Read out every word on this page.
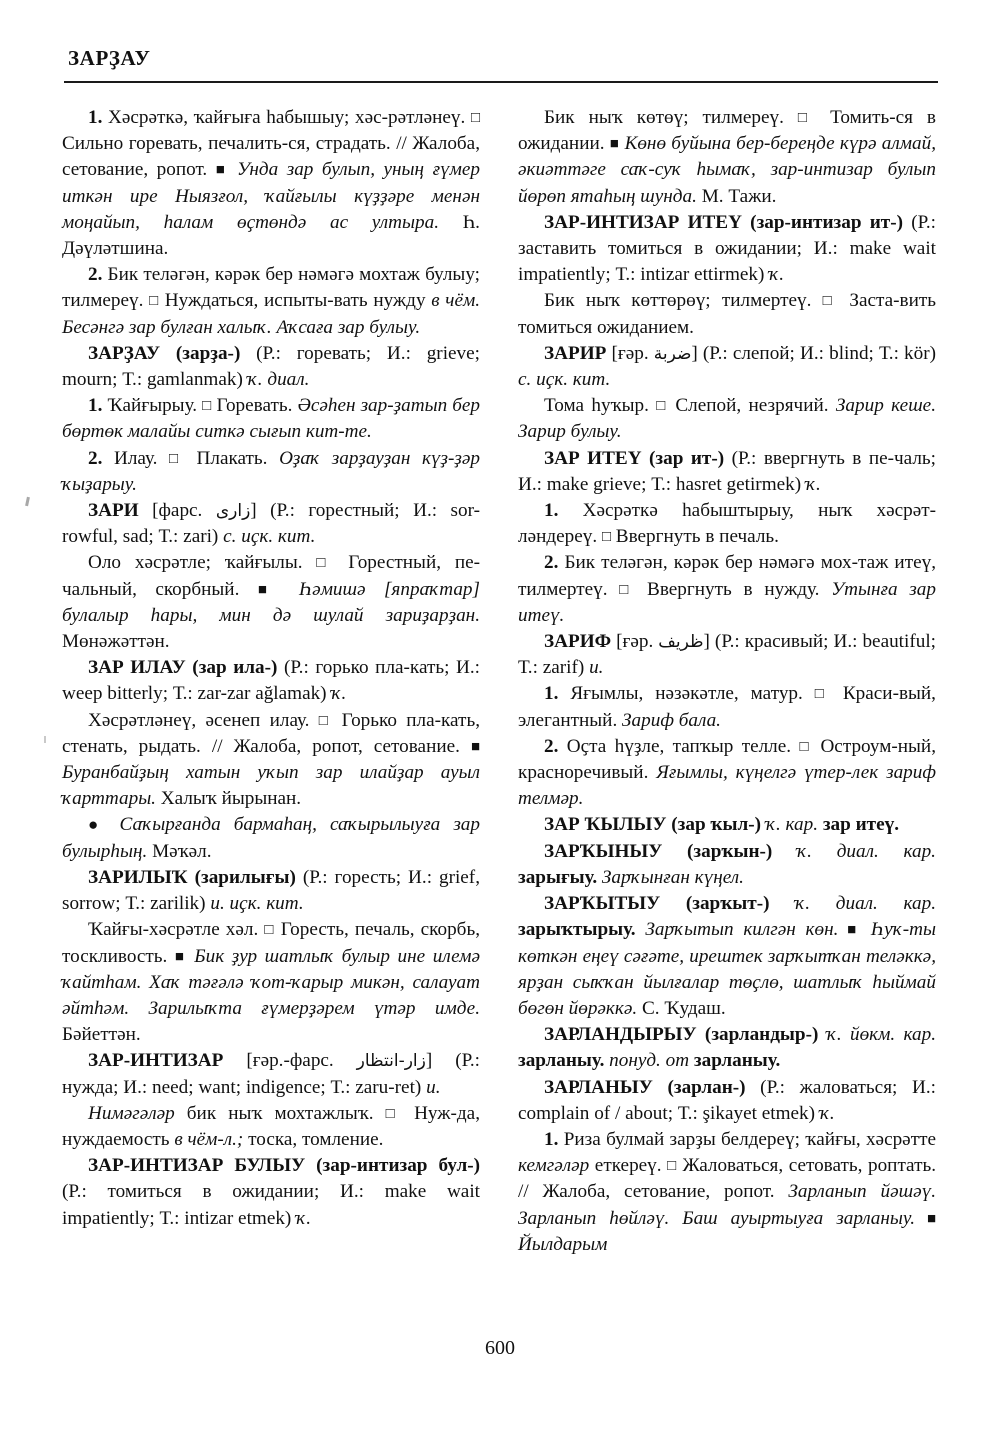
ЗАРҘАУ

1. Хәсрәткә, ҡайғыға һабышыу; хәс-рәтләнеү. □ Сильно горевать, печалить-ся, страдать. // Жалоба, сетование, ропот. ■ Унда зар булып, уның ғүмер иткән ире Ныязғол, ҡайғылы күҙҙәре менән моңайып, һалам өҫтөндә ас ултыра. Һ. Дәүләтшина.

2. Бик теләгән, кәрәк бер нәмәгә мохтаж булыу; тилмереү. □ Нуждаться, испыты-вать нужду в чём. Бесәнгә зар булған халыҡ. Аҡсаға зар булыу.

ЗАРҘАУ (зарҙа-) (Р.: горевать; И.: grieve; mourn; Т.: gamlanmak) ҡ. диал.

1. Ҡайғырыу. □ Горевать. Әсәһен зар-ҙатып бер бөртөк малайы ситкә сығып кит-те.

2. Илау. □ Плакать. Оҙаҡ зарҙауҙан күҙ-ҙәр ҡыҙарыу.

ЗАРИ [фарс. زارى] (Р.: горестный; И.: sor-rowful, sad; Т.: zari) с. иҫк. кит.

Оло хәсрәтле; ҡайғылы. □ Горестный, пе-чальный, скорбный. ■ Һәмишә [япраҡтар] булалыр һары, мин дә шулай зариҙарҙан. Мөнәжәттән.

ЗАР ИЛАУ (зар ила-) (Р.: горько пла-кать; И.: weep bitterly; Т.: zar-zar ağlamak) ҡ.

Хәсрәтләнеү, әсенеп илау. □ Горько пла-кать, стенать, рыдать. // Жалоба, ропот, сетование. ■ Буранбайҙың хатын уҡып зар илайҙар ауыл ҡарттары. Халыҡ йырынан.

● Саҡырғанда бармаһаң, саҡырылыуға зар булырһың. Мәҡәл.

ЗАРИЛЫҠ (зарилығы) (Р.: горесть; И.: grief, sorrow; Т.: zarilik) и. иҫк. кит.

Ҡайғы-хәсрәтле хәл. □ Горесть, печаль, скорбь, тоскливость. ■ Бик ҙур шатлыҡ булыр ине илемә ҡайтһам. Хаҡ тәғәлә ҡот-ҡарыр микән, салауат әйтһәм. Зарилыҡта ғүмерҙәрем үтәр имде. Бәйеттән.

ЗАР-ИНТИЗАР [ғәр.-фарс. زار-انتظار] (Р.: нужда; И.: need; want; indigence; Т.: zaru-ret) и.

Нимәгәләр бик ныҡ мохтажлыҡ. □ Нуж-да, нуждаемость в чём-л.; тоска, томление.

ЗАР-ИНТИЗАР БУЛЫУ (зар-интизар бул-) (Р.: томиться в ожидании; И.: make wait impatiently; Т.: intizar etmek) ҡ.

Бик ныҡ көтөү; тилмереү. □ Томить-ся в ожидании. ■ Көнө буйына бер-береңде күрә алмай, әкиәттәге саҡ-суҡ һымаҡ, зар-интизар булып йөрөп ятаһың шунда. М. Тажи.

ЗАР-ИНТИЗАР ИТЕҮ (зар-интизар ит-) (Р.: заставить томиться в ожидании; И.: make wait impatiently; Т.: intizar ettirmek) ҡ.

Бик ныҡ көттөрөү; тилмертеү. □ Заста-вить томиться ожиданием.

ЗАРИР [ғәр. ضربة] (Р.: слепой; И.: blind; Т.: kör) с. иҫк. кит.

Тома һуҡыр. □ Слепой, незрячий. Зарир кеше. Зарир булыу.

ЗАР ИТЕҮ (зар ит-) (Р.: ввергнуть в пе-чаль; И.: make grieve; Т.: hasret getirmek) ҡ.

1. Хәсрәткә һабыштырыу, ныҡ хәсрәт-ләндереү. □ Ввергнуть в печаль.

2. Бик теләгән, кәрәк бер нәмәгә мох-таж итеү, тилмертеү. □ Ввергнуть в нужду. Утынға зар итеү.

ЗАРИФ [ғәр. ظريف] (Р.: красивый; И.: beautiful; Т.: zarif) и.

1. Яғымлы, нәзәкәтле, матур. □ Краси-вый, элегантный. Зариф бала.

2. Оҫта һүҙле, тапҡыр телле. □ Остроум-ный, красноречивый. Яғымлы, күңелгә үтер-лек зариф телмәр.

ЗАР ҠЫЛЫУ (зар ҡыл-) ҡ. кар. зар итеү.

ЗАРҠЫНЫУ (зарҡын-) ҡ. диал. кар. зарығыу. Зарҡынған күңел.

ЗАРҠЫТЫУ (зарҡыт-) ҡ. диал. кар. зарыҡтырыу. Зарҡытып килгән көн. ■ Һуҡ-ты көткән еңеү сәғәте, ирештек зарҡытҡан теләккә, ярҙан сыҡҡан йылғалар төҫлө, шатлыҡ һыймай бөгөн йөрәккә. С. Ҡудаш.

ЗАРЛАНДЫРЫУ (зарландыр-) ҡ. йөкм. кар. зарланыу. понуд. от зарланыу.

ЗАРЛАНЫУ (зарлан-) (Р.: жаловаться; И.: complain of / about; Т.: şikayet etmek) ҡ.

1. Риза булмай зарҙы белдереү; ҡайғы, хәсрәтте кемгәләр еткереү. □ Жаловаться, сетовать, роптать. // Жалоба, сетование, ропот. Зарланып йәшәү. Зарланып һөйләү. Баш ауыртыуға зарланыу. ■ Йылдарым

600
